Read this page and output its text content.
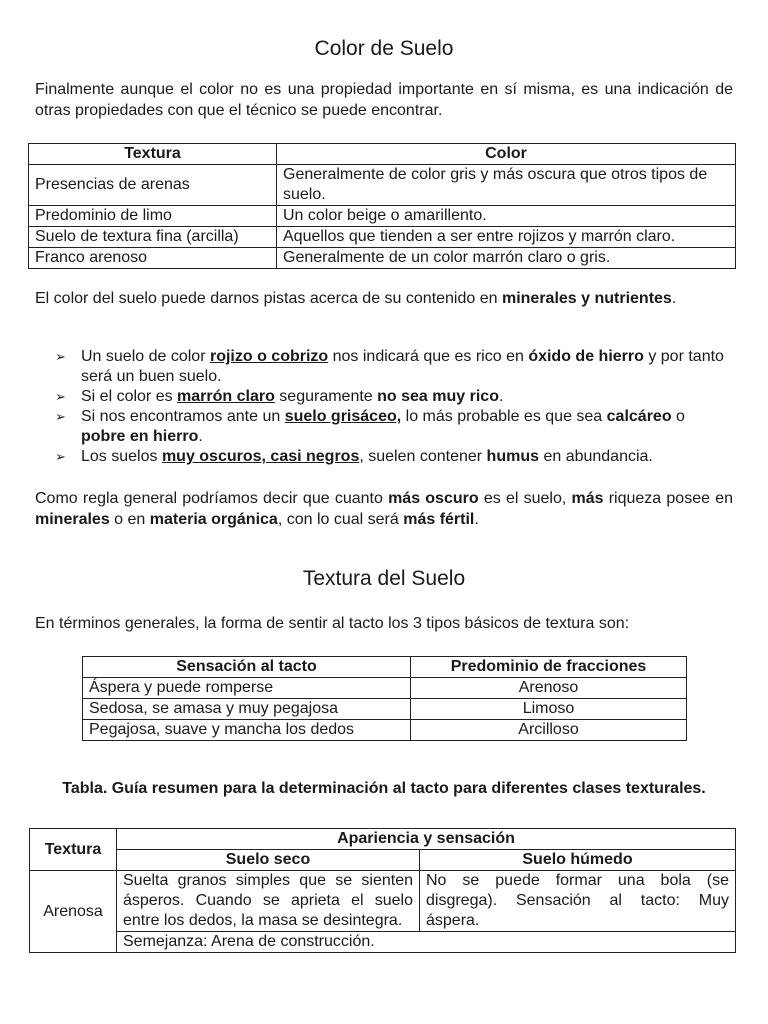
Color de Suelo
Finalmente aunque el color no es una propiedad importante en sí misma, es una indicación de otras propiedades con que el técnico se puede encontrar.
El color del suelo puede darnos pistas acerca de su contenido en minerales y nutrientes.
➢ Un suelo de color rojizo o cobrizo nos indicará que es rico en óxido de hierro y por tanto será un buen suelo.
➢ Si el color es marrón claro seguramente no sea muy rico.
➢ Si nos encontramos ante un suelo grisáceo, lo más probable es que sea calcáreo o pobre en hierro.
➢ Los suelos muy oscuros, casi negros, suelen contener humus en abundancia.
Como regla general podríamos decir que cuanto más oscuro es el suelo, más riqueza posee en minerales o en materia orgánica, con lo cual será más fértil.
Textura del Suelo
En términos generales, la forma de sentir al tacto los 3 tipos básicos de textura son:
Textura	Color
Presencias de arenas	Generalmente de color gris y más oscura que otros tipos de suelo.
Predominio de limo	Un color beige o amarillento.
Suelo de textura fina (arcilla)	Aquellos que tienden a ser entre rojizos y marrón claro.
Franco arenoso	Generalmente de un color marrón claro o gris.
Sensación al tacto	Predominio de fracciones
Áspera y puede romperse	Arenoso
Sedosa, se amasa y muy pegajosa	Limoso
Pegajosa, suave y mancha los dedos	Arcilloso
Tabla. Guía resumen para la determinación al tacto para diferentes clases texturales.
Textura	Apariencia y sensación	
	Suelo seco	Suelo húmedo
Arenosa	Suelta granos simples que se sienten ásperos. Cuando se aprieta el suelo entre los dedos, la masa se desintegra.	No se puede formar una bola (se disgrega). Sensación al tacto: Muy áspera.
	Semejanza: Arena de construcción.	
